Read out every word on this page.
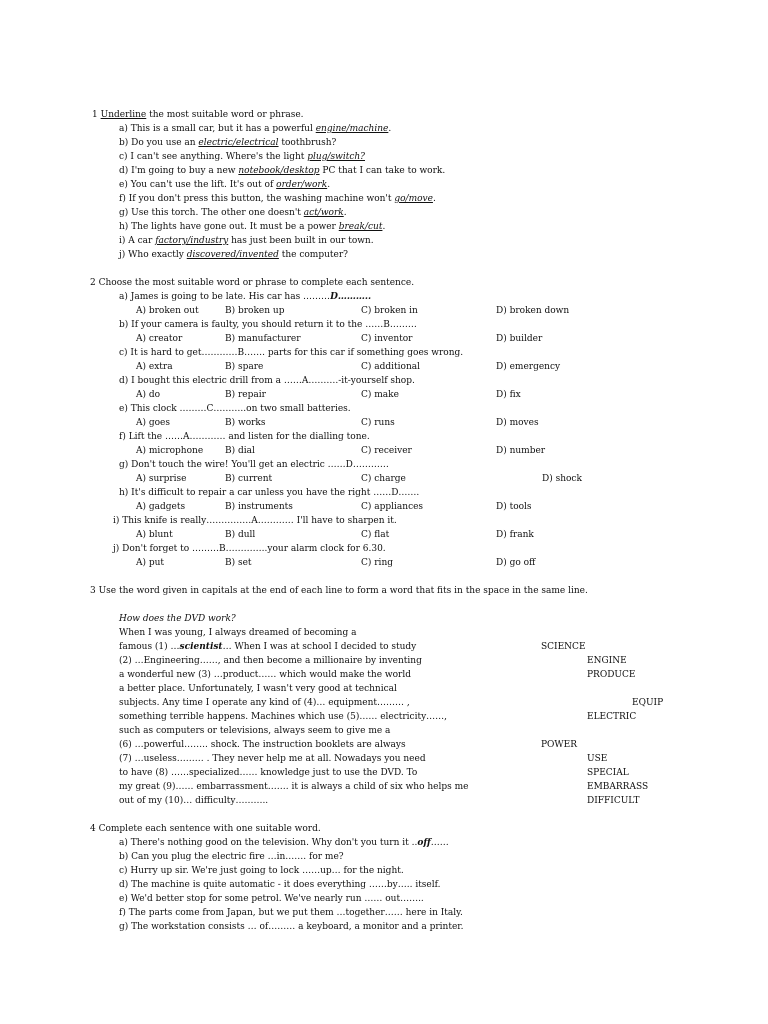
1 Underline the most suitable word or phrase.
a) This is a small car, but it has a powerful engine/machine.
b) Do you use an electric/electrical toothbrush?
c) I can't see anything. Where's the light plug/switch?
d) I'm going to buy a new notebook/desktop PC that I can take to work.
e) You can't use the lift. It's out of order/work.
f) If you don't press this button, the washing machine won't go/move.
g) Use this torch. The other one doesn't act/work.
h) The lights have gone out. It must be a power break/cut.
i) A car factory/industry has just been built in our town.
j) Who exactly discovered/invented the computer?
2 Choose the most suitable word or phrase to complete each sentence.
a) James is going to be late. His car has ………D………..
A) broken out	B) broken up	C) broken in	D) broken down
b) If your camera is faulty, you should return it to the ……B………
A) creator	B) manufacturer	C) inventor	D) builder
c) It is hard to get…………B……. parts for this car if something goes wrong.
A) extra	B) spare	C) additional	D) emergency
d) I bought this electric drill from a ……A……….-it-yourself shop.
A) do	B) repair	C) make	D) fix
e) This clock ………C………..on two small batteries.
A) goes	B) works	C) runs	D) moves
f) Lift the ……A………… and listen for the dialling tone.
A) microphone B) dial	C) receiver	D) number
g) Don't touch the wire! You'll get an electric ……D…………
A) surprise	B) current	C) charge	D) shock
h) It's difficult to repair a car unless you have the right ……D…….
A) gadgets	B) instruments	C) appliances	D) tools
i) This knife is really……………A………… I'll have to sharpen it.
A) blunt	B) dull	C) flat	D) frank
j) Don't forget to ………B…………..your alarm clock for 6.30.
A) put	B) set	C) ring	D) go off
3 Use the word given in capitals at the end of each line to form a word that fits in the space in the same line.
How does the DVD work?
When I was young, I always dreamed of becoming a
famous (1) …scientist… When I was at school I decided to study	SCIENCE
(2) …Engineering……, and then become a millionaire by inventing	ENGINE
a wonderful new (3) …product…… which would make the world	PRODUCE
a better place. Unfortunately, I wasn't very good at technical
subjects. Any time I operate any kind of (4)… equipment……… ,	EQUIP
something terrible happens. Machines which use (5)…… electricity……,	ELECTRIC
such as computers or televisions, always seem to give me a
(6) …powerful…….. shock. The instruction booklets are always	POWER
(7) …useless……… . They never help me at all. Nowadays you need	USE
to have (8) ……specialized…… knowledge just to use the DVD. To	SPECIAL
my great (9)…… embarrassment……. it is always a child of six who helps me	EMBARRASS
out of my (10)… difficulty………..	DIFFICULT
4 Complete each sentence with one suitable word.
a) There's nothing good on the television. Why don't you turn it ..off……
b) Can you plug the electric fire …in……. for me?
c) Hurry up sir. We're just going to lock ……up… for the night.
d) The machine is quite automatic - it does everything ……by….. itself.
e) We'd better stop for some petrol. We've nearly run …… out……..
f) The parts come from Japan, but we put them …together…… here in Italy.
g) The workstation consists … of……… a keyboard, a monitor and a printer.
